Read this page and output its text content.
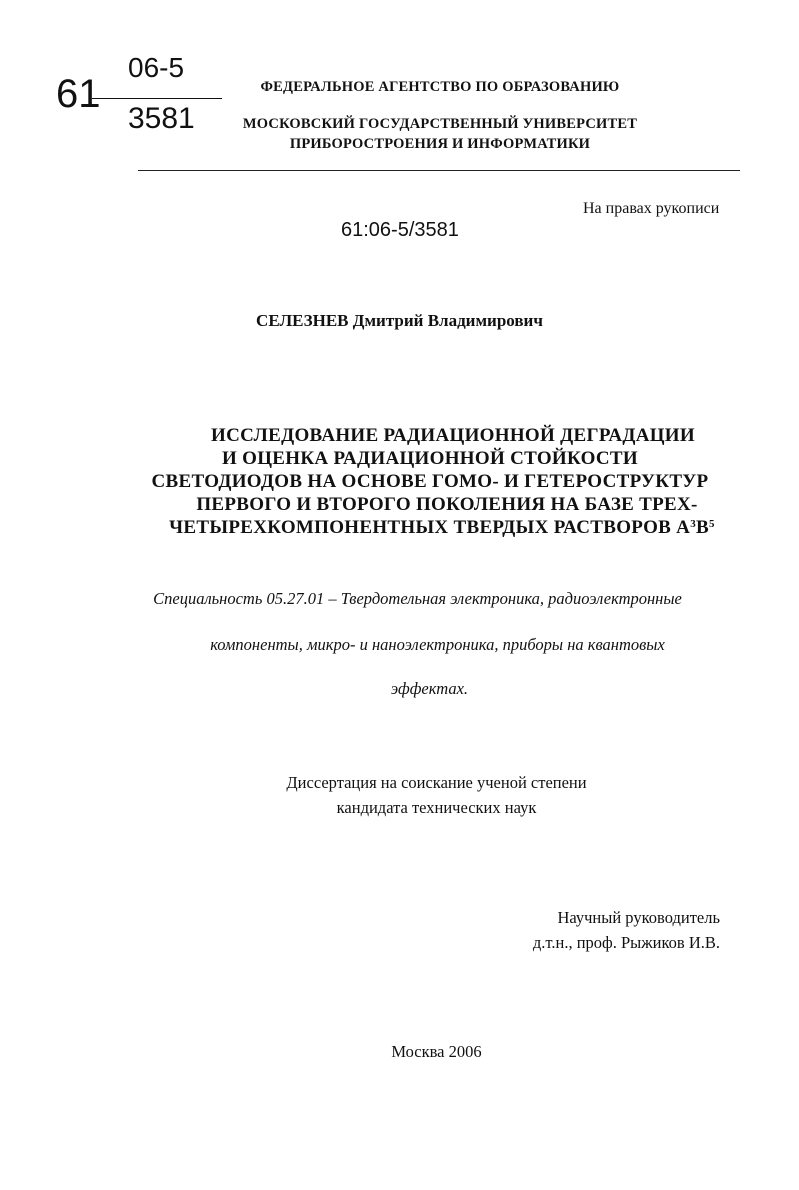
61
06-5
3581
ФЕДЕРАЛЬНОЕ АГЕНТСТВО ПО ОБРАЗОВАНИЮ
МОСКОВСКИЙ ГОСУДАРСТВЕННЫЙ УНИВЕРСИТЕТ
ПРИБОРОСТРОЕНИЯ И ИНФОРМАТИКИ
На правах рукописи
61:06-5/3581
СЕЛЕЗНЕВ Дмитрий Владимирович
ИССЛЕДОВАНИЕ РАДИАЦИОННОЙ ДЕГРАДАЦИИ
И ОЦЕНКА РАДИАЦИОННОЙ СТОЙКОСТИ
СВЕТОДИОДОВ НА ОСНОВЕ ГОМО- И ГЕТЕРОСТРУКТУР
ПЕРВОГО И ВТОРОГО ПОКОЛЕНИЯ НА БАЗЕ ТРЕХ-
ЧЕТЫРЕХКОМПОНЕНТНЫХ ТВЕРДЫХ РАСТВОРОВ $A^3B^5$
Специальность 05.27.01 – Твердотельная электроника, радиоэлектронные
компоненты, микро- и наноэлектроника, приборы на квантовых
эффектах.
Диссертация на соискание ученой степени
кандидата технических наук
Научный руководитель
д.т.н., проф. Рыжиков И.В.
Москва 2006
